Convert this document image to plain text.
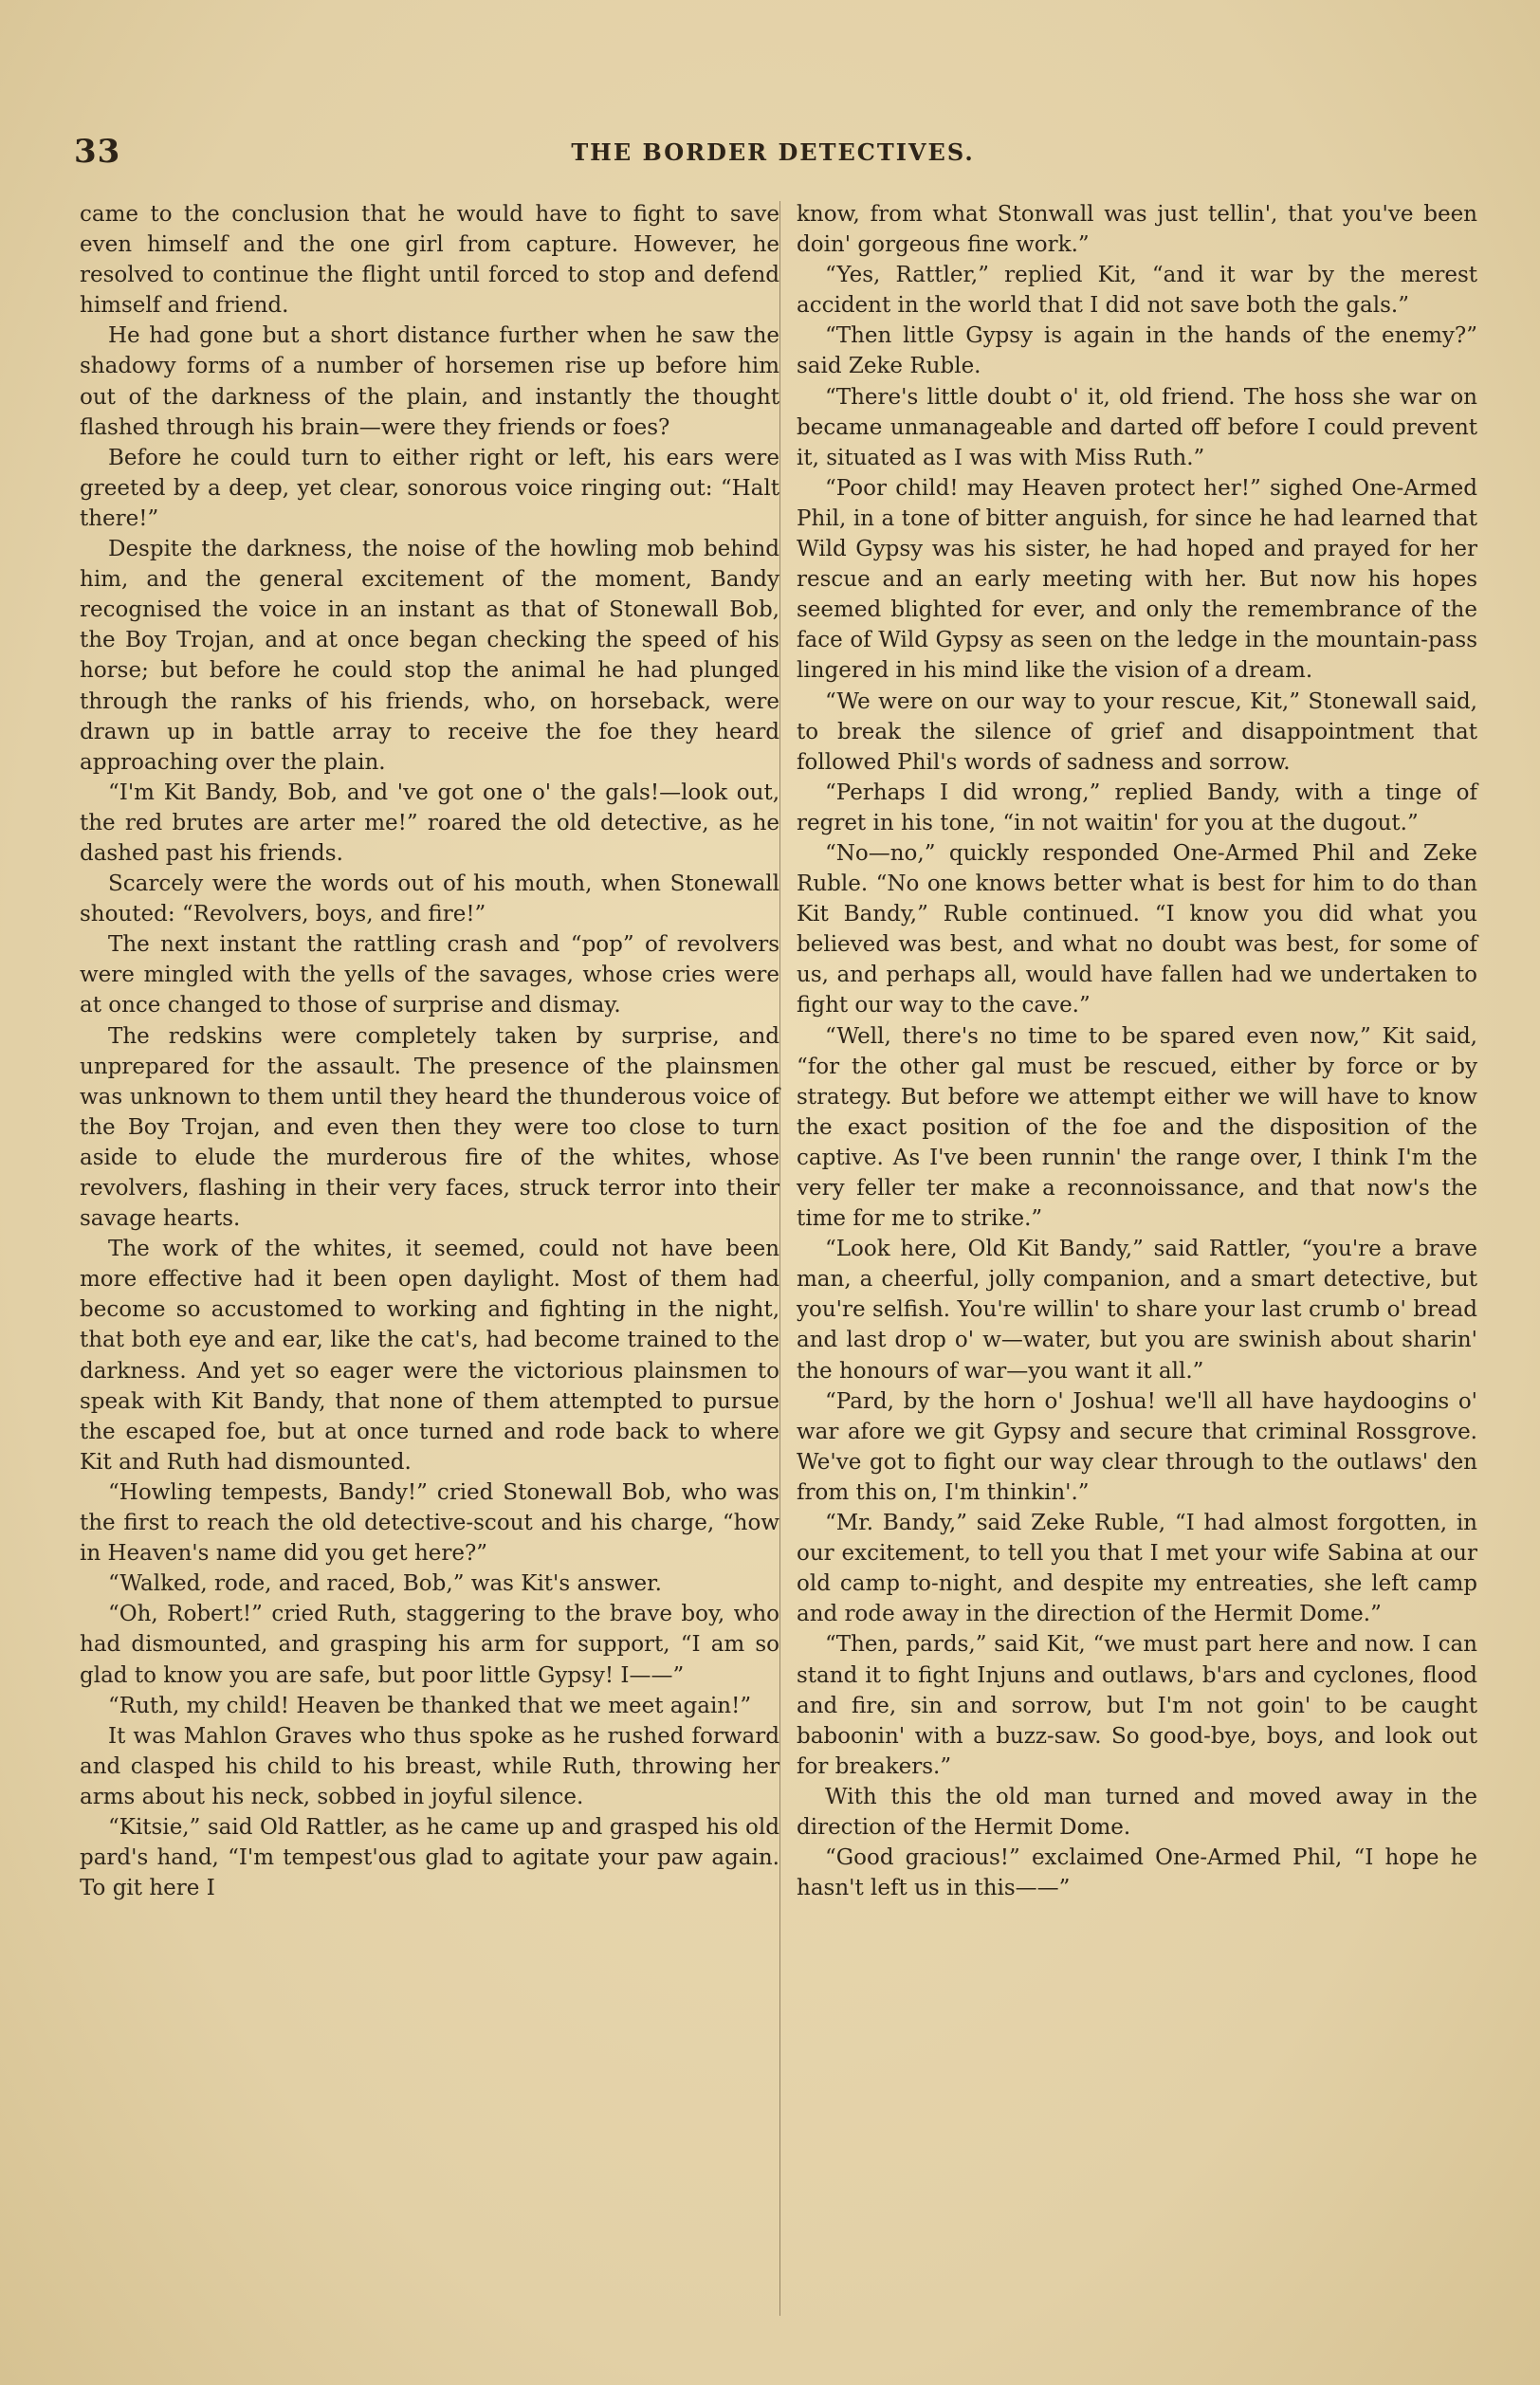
33	THE BORDER DETECTIVES.

came to the conclusion that he would have to fight to save even himself and the one girl from capture. However, he resolved to continue the flight until forced to stop and defend himself and friend.

He had gone but a short distance further when he saw the shadowy forms of a number of horsemen rise up before him out of the darkness of the plain, and instantly the thought flashed through his brain—were they friends or foes?

Before he could turn to either right or left, his ears were greeted by a deep, yet clear, sonorous voice ringing out: “Halt there!”

Despite the darkness, the noise of the howling mob behind him, and the general excitement of the moment, Bandy recognised the voice in an instant as that of Stonewall Bob, the Boy Trojan, and at once began checking the speed of his horse; but before he could stop the animal he had plunged through the ranks of his friends, who, on horseback, were drawn up in battle array to receive the foe they heard approaching over the plain.

“I'm Kit Bandy, Bob, and 've got one o' the gals!—look out, the red brutes are arter me!” roared the old detective, as he dashed past his friends.

Scarcely were the words out of his mouth, when Stonewall shouted: “Revolvers, boys, and fire!”

The next instant the rattling crash and “pop” of revolvers were mingled with the yells of the savages, whose cries were at once changed to those of surprise and dismay.

The redskins were completely taken by surprise, and unprepared for the assault. The presence of the plainsmen was unknown to them until they heard the thunderous voice of the Boy Trojan, and even then they were too close to turn aside to elude the murderous fire of the whites, whose revolvers, flashing in their very faces, struck terror into their savage hearts.

The work of the whites, it seemed, could not have been more effective had it been open daylight. Most of them had become so accustomed to working and fighting in the night, that both eye and ear, like the cat's, had become trained to the darkness. And yet so eager were the victorious plainsmen to speak with Kit Bandy, that none of them attempted to pursue the escaped foe, but at once turned and rode back to where Kit and Ruth had dismounted.

“Howling tempests, Bandy!” cried Stonewall Bob, who was the first to reach the old detective-scout and his charge, “how in Heaven's name did you get here?”

“Walked, rode, and raced, Bob,” was Kit's answer.

“Oh, Robert!” cried Ruth, staggering to the brave boy, who had dismounted, and grasping his arm for support, “I am so glad to know you are safe, but poor little Gypsy! I——”

“Ruth, my child! Heaven be thanked that we meet again!”

It was Mahlon Graves who thus spoke as he rushed forward and clasped his child to his breast, while Ruth, throwing her arms about his neck, sobbed in joyful silence.

“Kitsie,” said Old Rattler, as he came up and grasped his old pard's hand, “I'm tempest'ous glad to agitate your paw again. To git here I

know, from what Stonwall was just tellin', that you've been doin' gorgeous fine work.”

“Yes, Rattler,” replied Kit, “and it war by the merest accident in the world that I did not save both the gals.”

“Then little Gypsy is again in the hands of the enemy?” said Zeke Ruble.

“There's little doubt o' it, old friend. The hoss she war on became unmanageable and darted off before I could prevent it, situated as I was with Miss Ruth.”

“Poor child! may Heaven protect her!” sighed One-Armed Phil, in a tone of bitter anguish, for since he had learned that Wild Gypsy was his sister, he had hoped and prayed for her rescue and an early meeting with her. But now his hopes seemed blighted for ever, and only the remembrance of the face of Wild Gypsy as seen on the ledge in the mountain-pass lingered in his mind like the vision of a dream.

“We were on our way to your rescue, Kit,” Stonewall said, to break the silence of grief and disappointment that followed Phil's words of sadness and sorrow.

“Perhaps I did wrong,” replied Bandy, with a tinge of regret in his tone, “in not waitin' for you at the dugout.”

“No—no,” quickly responded One-Armed Phil and Zeke Ruble. “No one knows better what is best for him to do than Kit Bandy,” Ruble continued. “I know you did what you believed was best, and what no doubt was best, for some of us, and perhaps all, would have fallen had we undertaken to fight our way to the cave.”

“Well, there's no time to be spared even now,” Kit said, “for the other gal must be rescued, either by force or by strategy. But before we attempt either we will have to know the exact position of the foe and the disposition of the captive. As I've been runnin' the range over, I think I'm the very feller ter make a reconnoissance, and that now's the time for me to strike.”

“Look here, Old Kit Bandy,” said Rattler, “you're a brave man, a cheerful, jolly companion, and a smart detective, but you're selfish. You're willin' to share your last crumb o' bread and last drop o' w—water, but you are swinish about sharin' the honours of war—you want it all.”

“Pard, by the horn o' Joshua! we'll all have haydoogins o' war afore we git Gypsy and secure that criminal Rossgrove. We've got to fight our way clear through to the outlaws' den from this on, I'm thinkin'.”

“Mr. Bandy,” said Zeke Ruble, “I had almost forgotten, in our excitement, to tell you that I met your wife Sabina at our old camp to-night, and despite my entreaties, she left camp and rode away in the direction of the Hermit Dome.”

“Then, pards,” said Kit, “we must part here and now. I can stand it to fight Injuns and outlaws, b'ars and cyclones, flood and fire, sin and sorrow, but I'm not goin' to be caught baboonin' with a buzz-saw. So good-bye, boys, and look out for breakers.”

With this the old man turned and moved away in the direction of the Hermit Dome.

“Good gracious!” exclaimed One-Armed Phil, “I hope he hasn't left us in this——”
